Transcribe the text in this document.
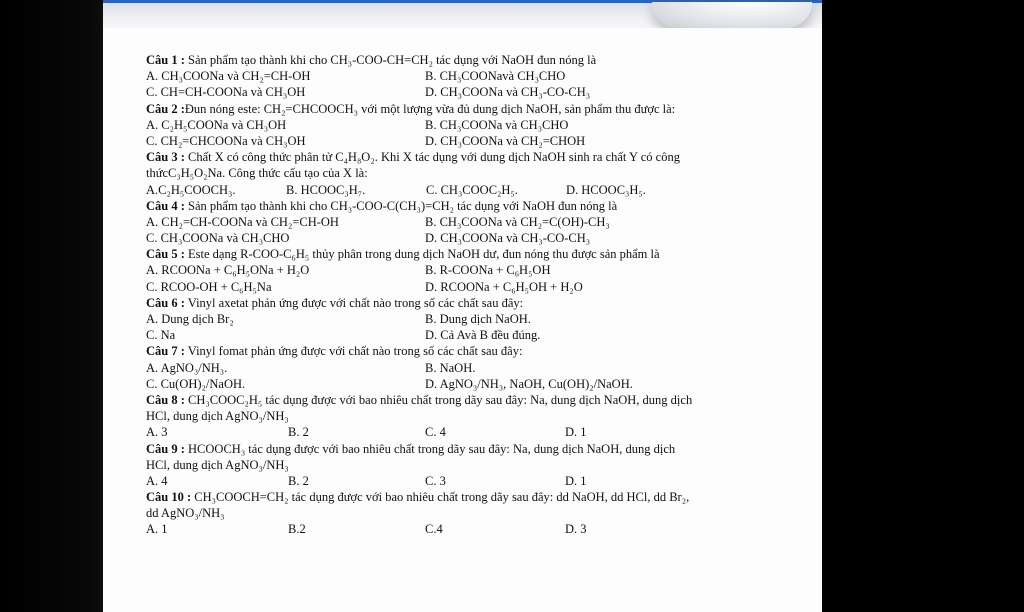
Câu 1 : Sản phẩm tạo thành khi cho CH₃-COO-CH=CH₂ tác dụng với NaOH đun nóng là
A. CH₃COONa và CH₂=CH-OH	B. CH₃COONavà CH₃CHO
C. CH=CH-COONa và CH₃OH	D. CH₃COONa và CH₃-CO-CH₃
Câu 2 :Đun nóng este: CH₂=CHCOOCH₃ với một lượng vừa đủ dung dịch NaOH, sản phẩm thu được là:
A. C₂H₅COONa và CH₃OH	B. CH₃COONa và CH₃CHO
C. CH₂=CHCOONa và CH₃OH	D. CH₃COONa và CH₂=CHOH
Câu 3 : Chất X có công thức phân tử C₄H₈O₂. Khi X tác dụng với dung dịch NaOH sinh ra chất Y có công
thứcC₃H₅O₂Na. Công thức cấu tạo của X là:
A.C₂H₅COOCH₃.	B. HCOOC₃H₇.	C. CH₃COOC₂H₅.	D. HCOOC₃H₅.
Câu 4 : Sản phẩm tạo thành khi cho CH₃-COO-C(CH₃)=CH₂ tác dụng với NaOH đun nóng là
A. CH₂=CH-COONa và CH₂=CH-OH	B. CH₃COONa và CH₂=C(OH)-CH₃
C. CH₃COONa và CH₃CHO	D. CH₃COONa và CH₃-CO-CH₃
Câu 5 : Este dạng R-COO-C₆H₅ thủy phân trong dung dịch NaOH dư, đun nóng thu được sản phẩm là
A. RCOONa + C₆H₅ONa + H₂O	B. R-COONa + C₆H₅OH
C. RCOO-OH + C₆H₅Na	D. RCOONa + C₆H₅OH + H₂O
Câu 6 : Vinyl axetat phản ứng được với chất nào trong số các chất sau đây:
A. Dung dịch Br₂	B. Dung dịch NaOH.
C. Na	D. Cả Avà B đều đúng.
Câu 7 : Vinyl fomat phản ứng được với chất nào trong số các chất sau đây:
A. AgNO₃/NH₃.	B. NaOH.
C. Cu(OH)₂/NaOH.	D. AgNO₃/NH₃, NaOH, Cu(OH)₂/NaOH.
Câu 8 : CH₃COOC₂H₅ tác dụng được với bao nhiêu chất trong dãy sau đây: Na, dung dịch NaOH, dung dịch
HCl, dung dịch AgNO₃/NH₃
A. 3	B. 2	C. 4	D. 1
Câu 9 : HCOOCH₃ tác dụng được với bao nhiêu chất trong dãy sau đây: Na, dung dịch NaOH, dung dịch
HCl, dung dịch AgNO₃/NH₃
A. 4	B. 2	C. 3	D. 1
Câu 10 : CH₃COOCH=CH₂ tác dụng được với bao nhiêu chất trong dãy sau đây: dd NaOH, dd HCl, dd Br₂,
dd AgNO₃/NH₃
A. 1	B.2	C.4	D. 3
